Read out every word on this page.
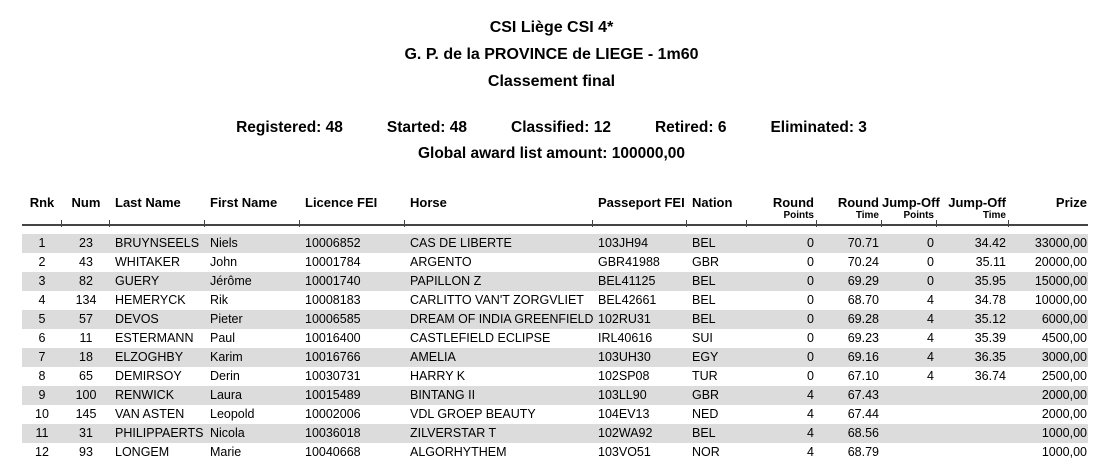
CSI Liège CSI 4*
G. P. de la PROVINCE de LIEGE - 1m60
Classement final
Registered: 48	Started: 48	Classified: 12	Retired: 6	Eliminated: 3
Global award list amount: 100000,00
Rnk	Num	Last Name	First Name	Licence FEI	Horse	Passeport FEI	Nation	Round	Round	Jump-Off	Jump-Off	Prize
								Points	Time	Points	Time	

1	23	BRUYNSEELS	Niels	10006852	CAS DE LIBERTE	103JH94	BEL	0	70.71	0	34.42	33000,00
2	43	WHITAKER	John	10001784	ARGENTO	GBR41988	GBR	0	70.24	0	35.11	20000,00
3	82	GUERY	Jérôme	10001740	PAPILLON Z	BEL41125	BEL	0	69.29	0	35.95	15000,00
4	134	HEMERYCK	Rik	10008183	CARLITTO VAN'T ZORGVLIET	BEL42661	BEL	0	68.70	4	34.78	10000,00
5	57	DEVOS	Pieter	10006585	DREAM OF INDIA GREENFIELD	102RU31	BEL	0	69.28	4	35.12	6000,00
6	11	ESTERMANN	Paul	10016400	CASTLEFIELD ECLIPSE	IRL40616	SUI	0	69.23	4	35.39	4500,00
7	18	ELZOGHBY	Karim	10016766	AMELIA	103UH30	EGY	0	69.16	4	36.35	3000,00
8	65	DEMIRSOY	Derin	10030731	HARRY K	102SP08	TUR	0	67.10	4	36.74	2500,00
9	100	RENWICK	Laura	10015489	BINTANG II	103LL90	GBR	4	67.43			2000,00
10	145	VAN ASTEN	Leopold	10002006	VDL GROEP BEAUTY	104EV13	NED	4	67.44			2000,00
11	31	PHILIPPAERTS	Nicola	10036018	ZILVERSTAR T	102WA92	BEL	4	68.56			1000,00
12	93	LONGEM	Marie	10040668	ALGORHYTHEM	103VO51	NOR	4	68.79			1000,00
